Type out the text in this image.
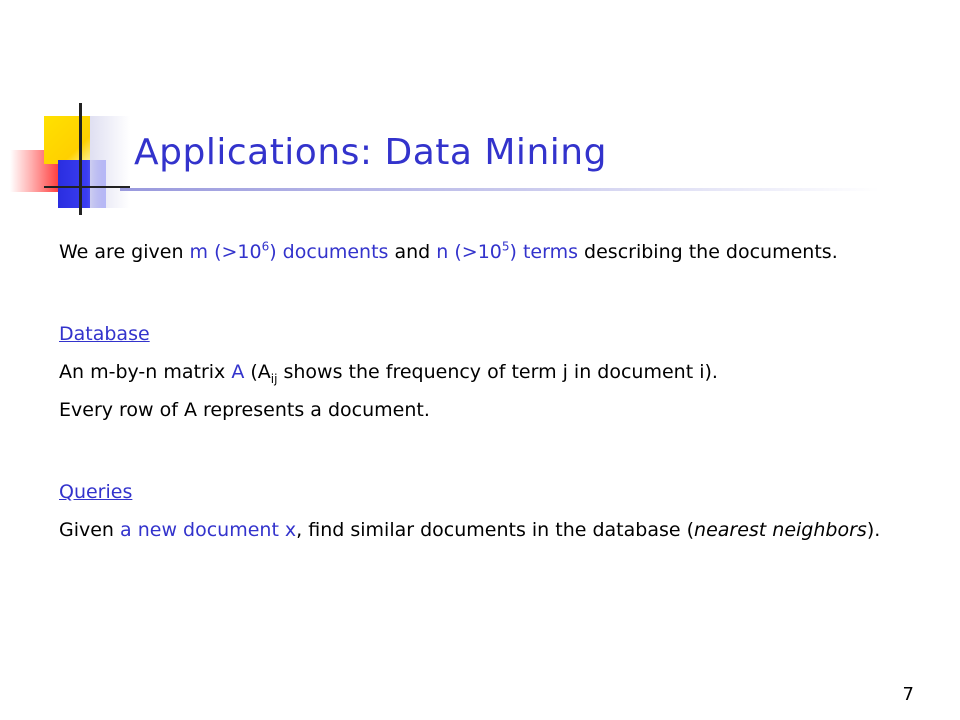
Applications: Data Mining

We are given m $(>10^6)$ documents and n $(>10^5)$ terms describing the documents.

Database

An m-by-n matrix A ($A_{ij}$ shows the frequency of term j in document i).

Every row of A represents a document.

Queries

Given a new document x, find similar documents in the database (nearest neighbors).

7
